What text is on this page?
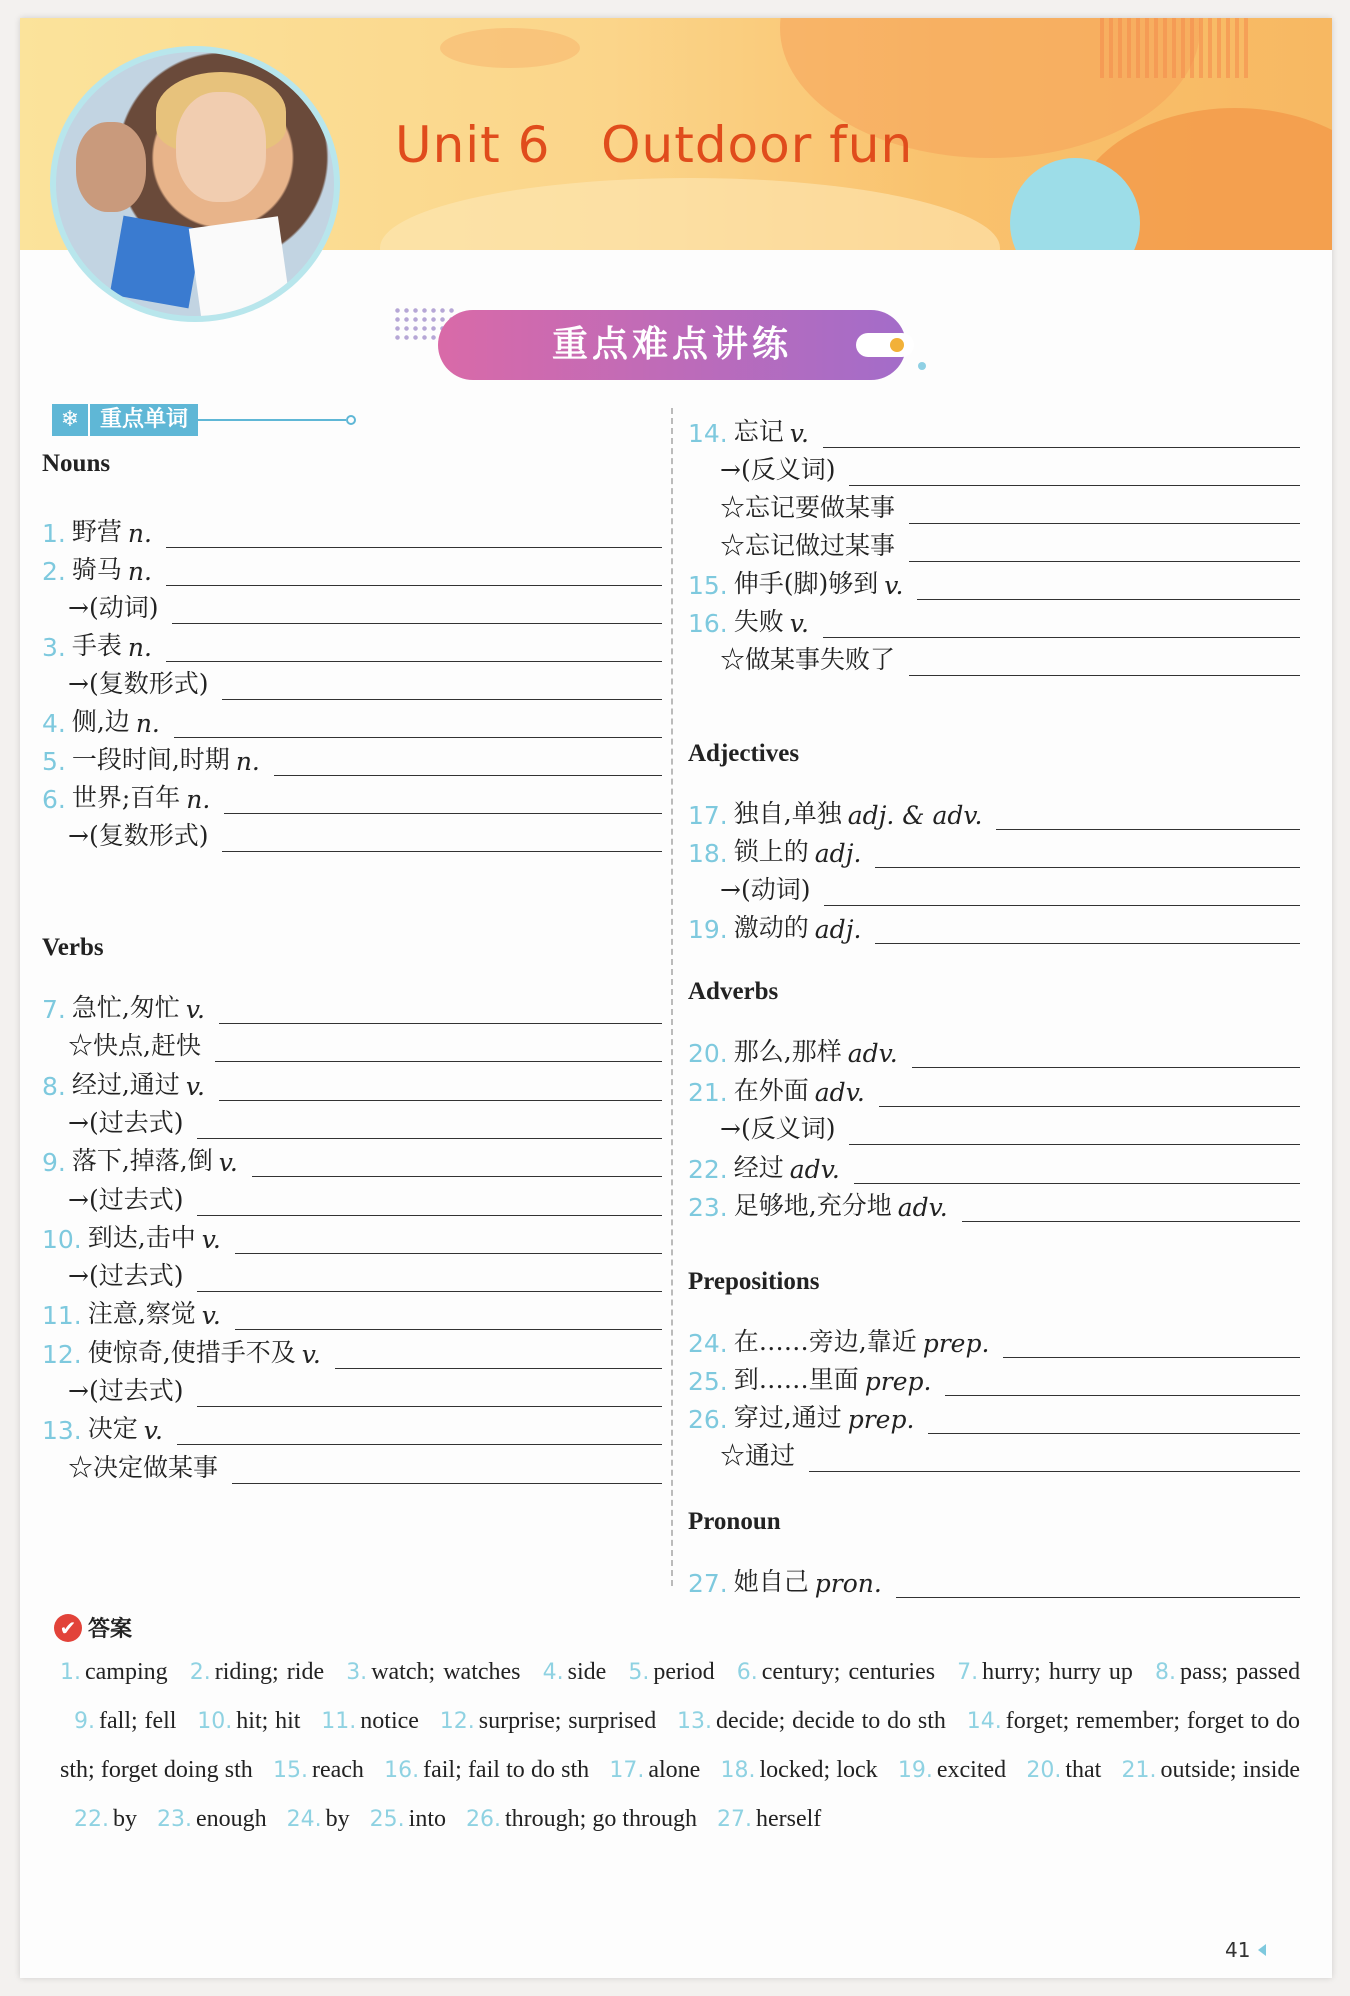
Unit 6   Outdoor fun
重点难点讲练
❄ 重点单词
Nouns
Verbs
1. 野营 n.
2. 骑马 n.
→(动词)
3. 手表 n.
→(复数形式)
4. 侧,边 n.
5. 一段时间,时期 n.
6. 世界;百年 n.
→(复数形式)
7. 急忙,匆忙 v.
☆快点,赶快
8. 经过,通过 v.
→(过去式)
9. 落下,掉落,倒 v.
→(过去式)
10. 到达,击中 v.
→(过去式)
11. 注意,察觉 v.
12. 使惊奇,使措手不及 v.
→(过去式)
13. 决定 v.
☆决定做某事
Adjectives
Adverbs
Prepositions
Pronoun
14. 忘记 v.
→(反义词)
☆忘记要做某事
☆忘记做过某事
15. 伸手(脚)够到 v.
16. 失败 v.
☆做某事失败了
17. 独自,单独 adj. & adv.
18. 锁上的 adj.
→(动词)
19. 激动的 adj.
20. 那么,那样 adv.
21. 在外面 adv.
→(反义词)
22. 经过 adv.
23. 足够地,充分地 adv.
24. 在……旁边,靠近 prep.
25. 到……里面 prep.
26. 穿过,通过 prep.
☆通过
27. 她自己 pron.
✔ 答案
1. camping 2. riding; ride 3. watch; watches 4. side 5. period 6. century; centuries 7. hurry; hurry up 8. pass; passed 9. fall; fell 10. hit; hit 11. notice 12. surprise; surprised 13. decide; decide to do sth 14. forget; remember; forget to do sth; forget doing sth 15. reach 16. fail; fail to do sth 17. alone 18. locked; lock 19. excited 20. that 21. outside; inside 22. by 23. enough 24. by 25. into 26. through; go through 27. herself
41
